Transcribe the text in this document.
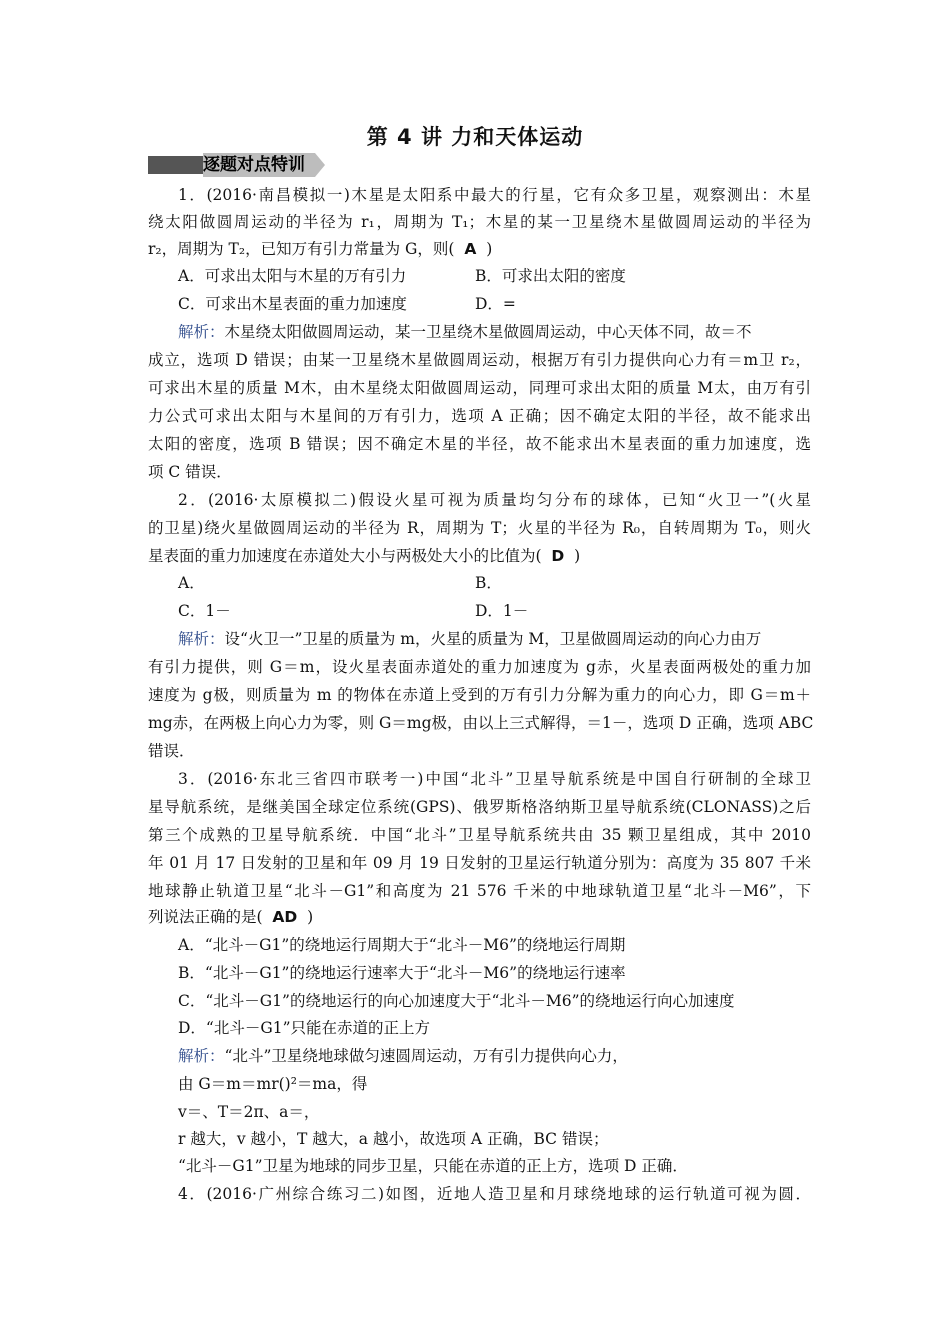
第 4 讲 力和天体运动
逐题对点特训
1．(2016·南昌模拟一)木星是太阳系中最大的行星，它有众多卫星，观察测出：木星
绕太阳做圆周运动的半径为 r₁，周期为 T₁；木星的某一卫星绕木星做圆周运动的半径为
r₂，周期为 T₂，已知万有引力常量为 G，则( A )
A．可求出太阳与木星的万有引力	B．可求出太阳的密度
C．可求出木星表面的重力加速度	D．=
解析：木星绕太阳做圆周运动，某一卫星绕木星做圆周运动，中心天体不同，故＝不
成立，选项 D 错误；由某一卫星绕木星做圆周运动，根据万有引力提供向心力有＝m卫 r₂，
可求出木星的质量 M木，由木星绕太阳做圆周运动，同理可求出太阳的质量 M太，由万有引
力公式可求出太阳与木星间的万有引力，选项 A 正确；因不确定太阳的半径，故不能求出
太阳的密度，选项 B 错误；因不确定木星的半径，故不能求出木星表面的重力加速度，选
项 C 错误．
2．(2016·太原模拟二)假设火星可视为质量均匀分布的球体，已知“火卫一”(火星
的卫星)绕火星做圆周运动的半径为 R，周期为 T；火星的半径为 R₀，自转周期为 T₀，则火
星表面的重力加速度在赤道处大小与两极处大小的比值为( D )
A．	B．
C．1－	D．1－
解析：设“火卫一”卫星的质量为 m，火星的质量为 M，卫星做圆周运动的向心力由万
有引力提供，则 G＝m，设火星表面赤道处的重力加速度为 g赤，火星表面两极处的重力加
速度为 g极，则质量为 m 的物体在赤道上受到的万有引力分解为重力的向心力，即 G＝m＋
mg赤，在两极上向心力为零，则 G＝mg极，由以上三式解得，＝1－，选项 D 正确，选项 ABC
错误．
3．(2016·东北三省四市联考一)中国“北斗”卫星导航系统是中国自行研制的全球卫
星导航系统，是继美国全球定位系统(GPS)、俄罗斯格洛纳斯卫星导航系统(CLONASS)之后
第三个成熟的卫星导航系统．中国“北斗”卫星导航系统共由 35 颗卫星组成，其中 2010
年 01 月 17 日发射的卫星和年 09 月 19 日发射的卫星运行轨道分别为：高度为 35 807 千米
地球静止轨道卫星“北斗－G1”和高度为 21 576 千米的中地球轨道卫星“北斗－M6”，下
列说法正确的是( AD )
A．“北斗－G1”的绕地运行周期大于“北斗－M6”的绕地运行周期
B．“北斗－G1”的绕地运行速率大于“北斗－M6”的绕地运行速率
C．“北斗－G1”的绕地运行的向心加速度大于“北斗－M6”的绕地运行向心加速度
D．“北斗－G1”只能在赤道的正上方
解析：“北斗”卫星绕地球做匀速圆周运动，万有引力提供向心力，
由 G＝m＝mr()²＝ma，得
v＝、T＝2π、a＝，
r 越大，v 越小，T 越大，a 越小，故选项 A 正确，BC 错误；
“北斗－G1”卫星为地球的同步卫星，只能在赤道的正上方，选项 D 正确．
4．(2016·广州综合练习二)如图，近地人造卫星和月球绕地球的运行轨道可视为圆．
